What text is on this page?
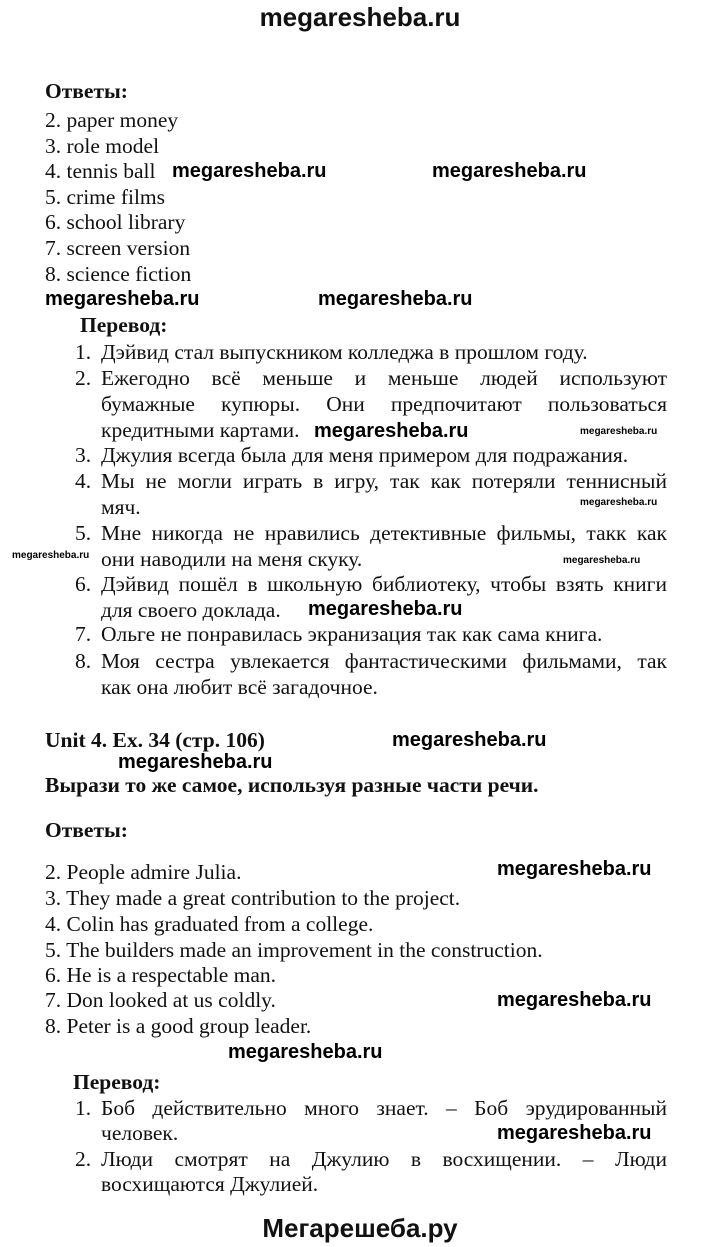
megaresheba.ru
Ответы:
2. paper money
3. role model
4. tennis ball
5. crime films
6. school library
7. screen version
8. science fiction
Перевод:
1. Дэйвид стал выпускником колледжа в прошлом году.
2. Ежегодно всё меньше и меньше людей используют
бумажные купюры. Они предпочитают пользоваться
кредитными картами.
3. Джулия всегда была для меня примером для подражания.
4. Мы не могли играть в игру, так как потеряли теннисный
мяч.
5. Мне никогда не нравились детективные фильмы, такк как
они наводили на меня скуку.
6. Дэйвид пошёл в школьную библиотеку, чтобы взять книги
для своего доклада.
7. Ольге не понравилась экранизация так как сама книга.
8. Моя сестра увлекается фантастическими фильмами, так
как она любит всё загадочное.
Unit 4. Ex. 34 (стр. 106)
Вырази то же самое, используя разные части речи.
Ответы:
2. People admire Julia.
3. They made a great contribution to the project.
4. Colin has graduated from a college.
5. The builders made an improvement in the construction.
6. He is a respectable man.
7. Don looked at us coldly.
8. Peter is a good group leader.
Перевод:
1. Боб действительно много знает. – Боб эрудированный
человек.
2. Люди смотрят на Джулию в восхищении. – Люди
восхищаются Джулией.
Мегарешеба.ру
megaresheba.ru	megaresheba.ru
megaresheba.ru	megaresheba.ru
megaresheba.ru
megaresheba.ru
megaresheba.ru
megaresheba.ru
megaresheba.ru
megaresheba.ru
megaresheba.ru
megaresheba.ru
megaresheba.ru
megaresheba.ru
megaresheba.ru	megaresheba.ru
